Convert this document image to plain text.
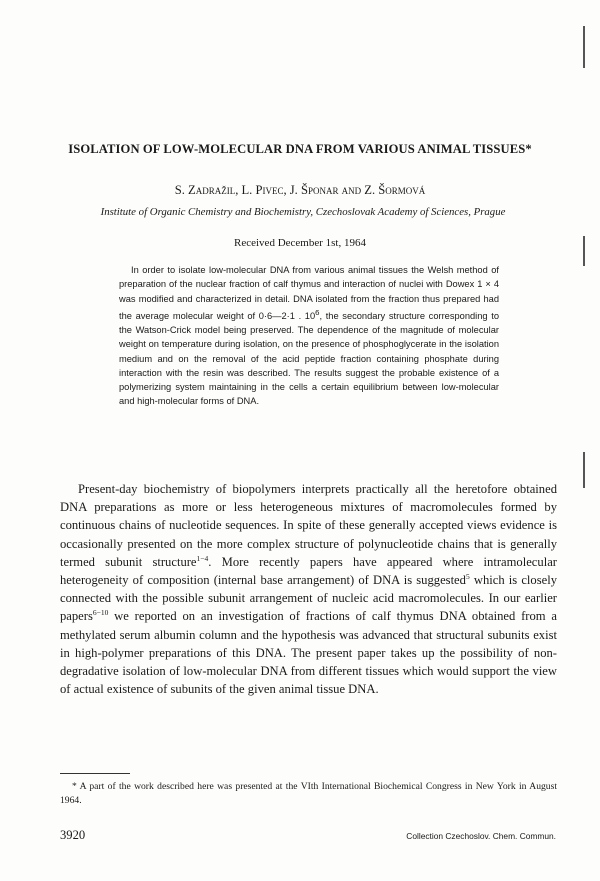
ISOLATION OF LOW-MOLECULAR DNA FROM VARIOUS ANIMAL TISSUES*

S. Zadražil, L. Pivec, J. Šponar and Z. Šormová

Institute of Organic Chemistry and Biochemistry, Czechoslovak Academy of Sciences, Prague

Received December 1st, 1964

In order to isolate low-molecular DNA from various animal tissues the Welsh method of preparation of the nuclear fraction of calf thymus and interaction of nuclei with Dowex 1 × 4 was modified and characterized in detail. DNA isolated from the fraction thus prepared had the average molecular weight of 0·6—2·1 . $10^6$, the secondary structure corresponding to the Watson-Crick model being preserved. The dependence of the magnitude of molecular weight on temperature during isolation, on the presence of phosphoglycerate in the isolation medium and on the removal of the acid peptide fraction containing phosphate during interaction with the resin was described. The results suggest the probable existence of a polymerizing system maintaining in the cells a certain equilibrium between low-molecular and high-molecular forms of DNA.

Present-day biochemistry of biopolymers interprets practically all the heretofore obtained DNA preparations as more or less heterogeneous mixtures of macromolecules formed by continuous chains of nucleotide sequences. In spite of these generally accepted views evidence is occasionally presented on the more complex structure of polynucleotide chains that is generally termed subunit structure$^{1-4}$. More recently papers have appeared where intramolecular heterogeneity of composition (internal base arrangement) of DNA is suggested$^5$ which is closely connected with the possible subunit arrangement of nucleic acid macromolecules. In our earlier papers$^{6-10}$ we reported on an investigation of fractions of calf thymus DNA obtained from a methylated serum albumin column and the hypothesis was advanced that structural subunits exist in high-polymer preparations of this DNA. The present paper takes up the possibility of non-degradative isolation of low-molecular DNA from different tissues which would support the view of actual existence of subunits of the given animal tissue DNA.

* A part of the work described here was presented at the VIth International Biochemical Congress in New York in August 1964.

3920	Collection Czechoslov. Chem. Commun.
